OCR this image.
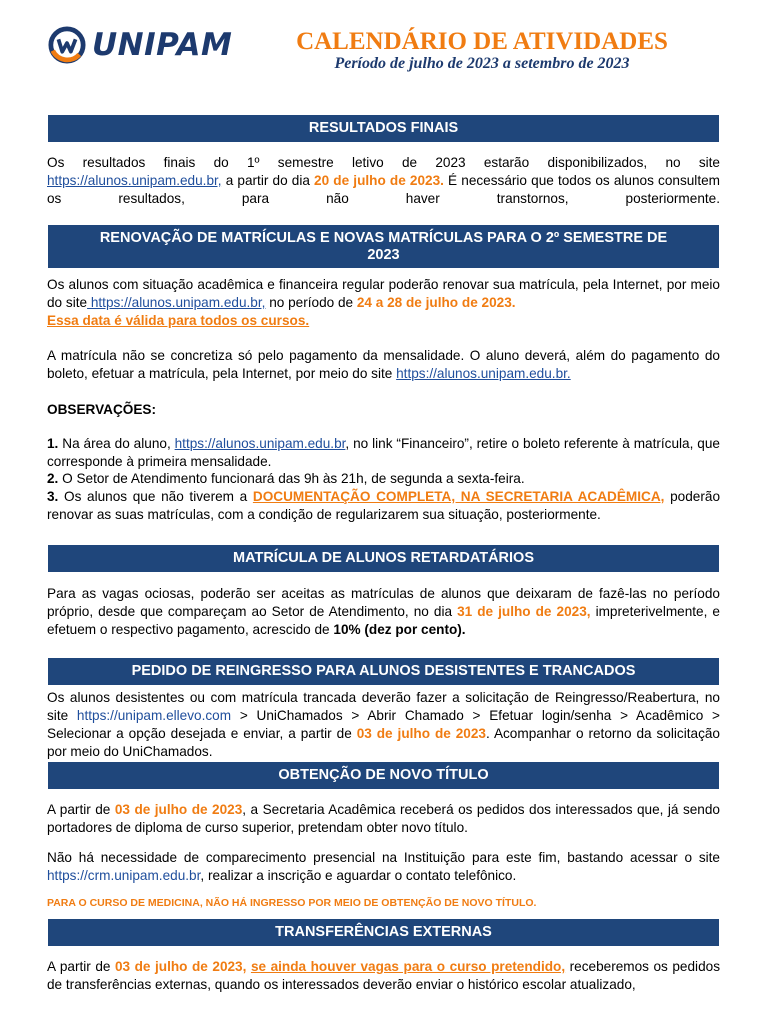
UNIPAM	CALENDÁRIO DE ATIVIDADES
Período de julho de 2023 a setembro de 2023
RESULTADOS FINAIS
Os resultados finais do 1º semestre letivo de 2023 estarão disponibilizados, no site https://alunos.unipam.edu.br, a partir do dia 20 de julho de 2023. É necessário que todos os alunos consultem os resultados, para não haver transtornos, posteriormente.
RENOVAÇÃO DE MATRÍCULAS E NOVAS MATRÍCULAS PARA O 2º SEMESTRE DE
2023
Os alunos com situação acadêmica e financeira regular poderão renovar sua matrícula, pela Internet, por meio do site https://alunos.unipam.edu.br, no período de 24 a 28 de julho de 2023.
Essa data é válida para todos os cursos.
A matrícula não se concretiza só pelo pagamento da mensalidade. O aluno deverá, além do pagamento do boleto, efetuar a matrícula, pela Internet, por meio do site https://alunos.unipam.edu.br.
OBSERVAÇÕES:
1. Na área do aluno, https://alunos.unipam.edu.br, no link “Financeiro”, retire o boleto referente à matrícula, que corresponde à primeira mensalidade.
2. O Setor de Atendimento funcionará das 9h às 21h, de segunda a sexta-feira.
3. Os alunos que não tiverem a DOCUMENTAÇÃO COMPLETA, NA SECRETARIA ACADÊMICA, poderão renovar as suas matrículas, com a condição de regularizarem sua situação, posteriormente.
MATRÍCULA DE ALUNOS RETARDATÁRIOS
Para as vagas ociosas, poderão ser aceitas as matrículas de alunos que deixaram de fazê-las no período próprio, desde que compareçam ao Setor de Atendimento, no dia 31 de julho de 2023, impreterivelmente, e efetuem o respectivo pagamento, acrescido de 10% (dez por cento).
PEDIDO DE REINGRESSO PARA ALUNOS DESISTENTES E TRANCADOS
Os alunos desistentes ou com matrícula trancada deverão fazer a solicitação de Reingresso/Reabertura, no site https://unipam.ellevo.com > UniChamados > Abrir Chamado > Efetuar login/senha > Acadêmico > Selecionar a opção desejada e enviar, a partir de 03 de julho de 2023. Acompanhar o retorno da solicitação por meio do UniChamados.
OBTENÇÃO DE NOVO TÍTULO
A partir de 03 de julho de 2023, a Secretaria Acadêmica receberá os pedidos dos interessados que, já sendo portadores de diploma de curso superior, pretendam obter novo título.
Não há necessidade de comparecimento presencial na Instituição para este fim, bastando acessar o site https://crm.unipam.edu.br, realizar a inscrição e aguardar o contato telefônico.
PARA O CURSO DE MEDICINA, NÃO HÁ INGRESSO POR MEIO DE OBTENÇÃO DE NOVO TÍTULO.
TRANSFERÊNCIAS EXTERNAS
A partir de 03 de julho de 2023, se ainda houver vagas para o curso pretendido, receberemos os pedidos de transferências externas, quando os interessados deverão enviar o histórico escolar atualizado,
